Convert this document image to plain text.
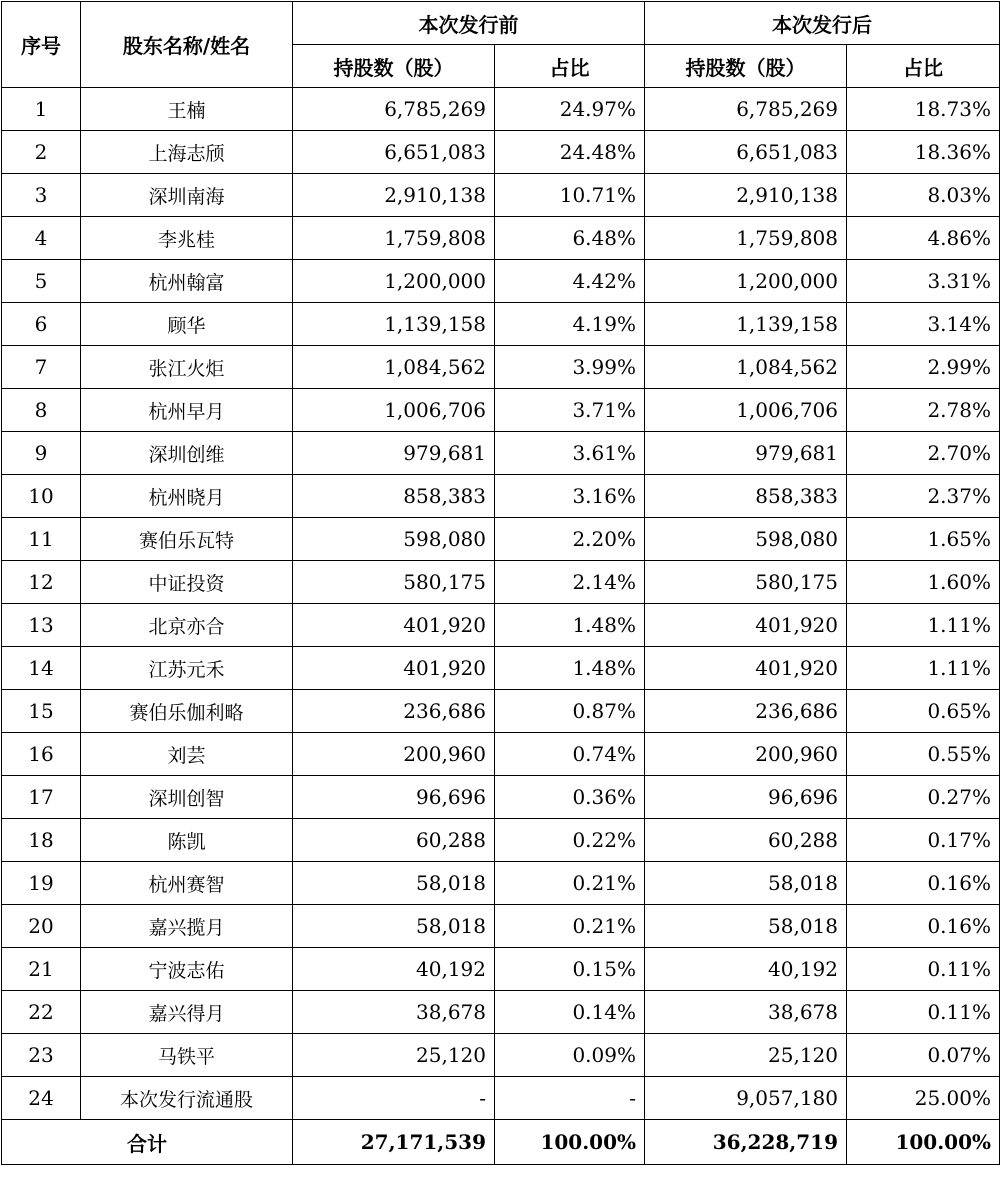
序号	股东名称/姓名	本次发行前		本次发行后	
		持股数（股）	占比	持股数（股）	占比
1	王楠	6,785,269	24.97%	6,785,269	18.73%
2	上海志颀	6,651,083	24.48%	6,651,083	18.36%
3	深圳南海	2,910,138	10.71%	2,910,138	8.03%
4	李兆桂	1,759,808	6.48%	1,759,808	4.86%
5	杭州翰富	1,200,000	4.42%	1,200,000	3.31%
6	顾华	1,139,158	4.19%	1,139,158	3.14%
7	张江火炬	1,084,562	3.99%	1,084,562	2.99%
8	杭州早月	1,006,706	3.71%	1,006,706	2.78%
9	深圳创维	979,681	3.61%	979,681	2.70%
10	杭州晓月	858,383	3.16%	858,383	2.37%
11	赛伯乐瓦特	598,080	2.20%	598,080	1.65%
12	中证投资	580,175	2.14%	580,175	1.60%
13	北京亦合	401,920	1.48%	401,920	1.11%
14	江苏元禾	401,920	1.48%	401,920	1.11%
15	赛伯乐伽利略	236,686	0.87%	236,686	0.65%
16	刘芸	200,960	0.74%	200,960	0.55%
17	深圳创智	96,696	0.36%	96,696	0.27%
18	陈凯	60,288	0.22%	60,288	0.17%
19	杭州赛智	58,018	0.21%	58,018	0.16%
20	嘉兴揽月	58,018	0.21%	58,018	0.16%
21	宁波志佑	40,192	0.15%	40,192	0.11%
22	嘉兴得月	38,678	0.14%	38,678	0.11%
23	马铁平	25,120	0.09%	25,120	0.07%
24	本次发行流通股	-	-	9,057,180	25.00%
合计		27,171,539	100.00%	36,228,719	100.00%
